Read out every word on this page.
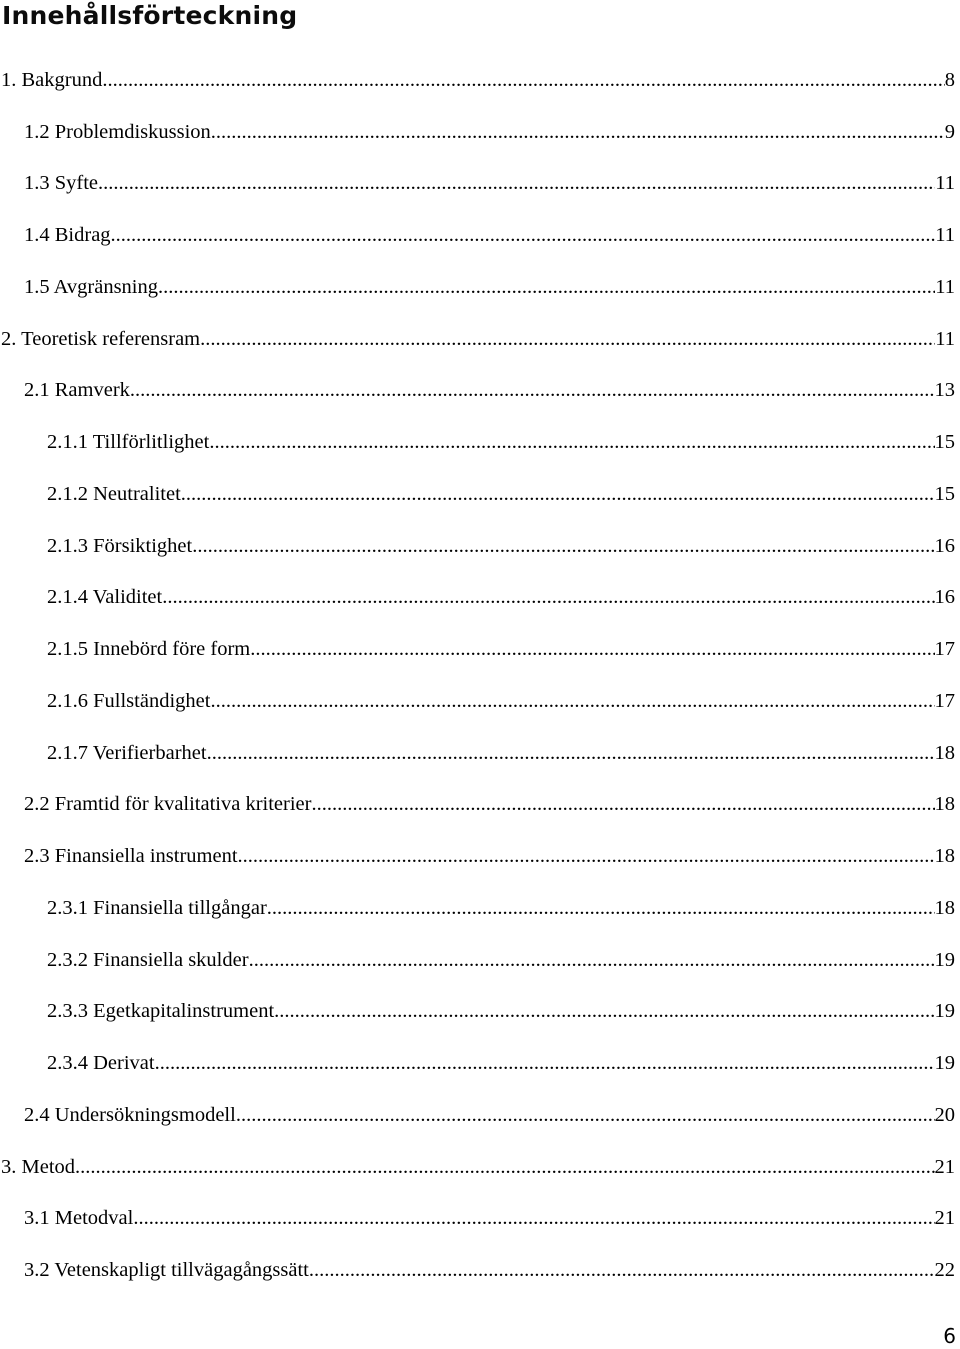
Innehållsförteckning
1. Bakgrund .....	8
1.2 Problemdiskussion .....	9
1.3 Syfte .....	11
1.4 Bidrag .....	11
1.5 Avgränsning .....	11
2. Teoretisk referensram .....	11
2.1 Ramverk .....	13
2.1.1 Tillförlitlighet .....	15
2.1.2 Neutralitet .....	15
2.1.3 Försiktighet .....	16
2.1.4 Validitet .....	16
2.1.5 Innebörd före form .....	17
2.1.6 Fullständighet .....	17
2.1.7 Verifierbarhet .....	18
2.2 Framtid för kvalitativa kriterier .....	18
2.3 Finansiella instrument .....	18
2.3.1 Finansiella tillgångar .....	18
2.3.2 Finansiella skulder .....	19
2.3.3 Egetkapitalinstrument .....	19
2.3.4 Derivat .....	19
2.4 Undersökningsmodell .....	20
3. Metod .....	21
3.1 Metodval .....	21
3.2 Vetenskapligt tillvägagångssätt .....	22
6
